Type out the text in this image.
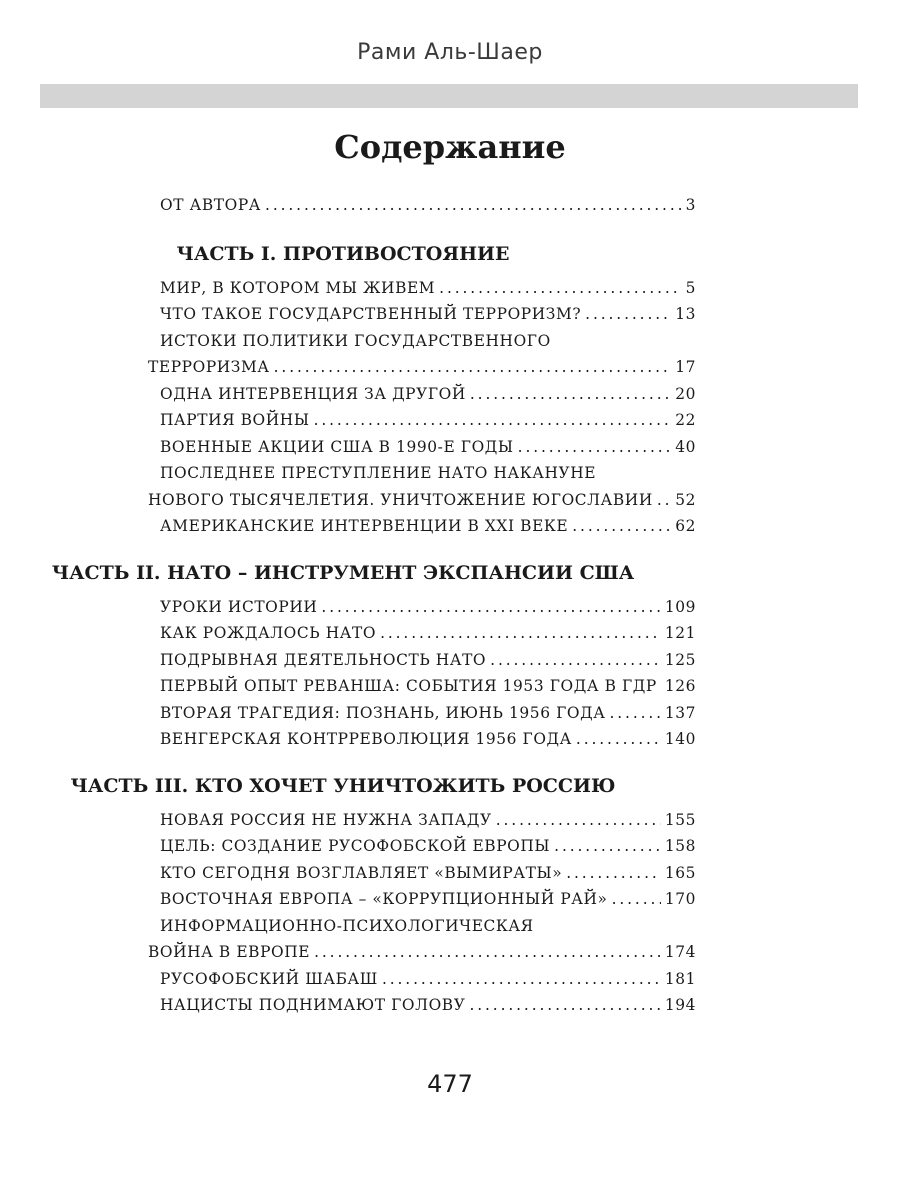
Рами Аль-Шаер
Содержание
ОТ АВТОРА . . .	3
ЧАСТЬ I. ПРОТИВОСТОЯНИЕ
МИР, В КОТОРОМ МЫ ЖИВЕМ . . .	5
ЧТО ТАКОЕ ГОСУДАРСТВЕННЫЙ ТЕРРОРИЗМ? . . .	13
ИСТОКИ ПОЛИТИКИ ГОСУДАРСТВЕННОГО
ТЕРРОРИЗМА . . .	17
ОДНА ИНТЕРВЕНЦИЯ ЗА ДРУГОЙ . . .	20
ПАРТИЯ ВОЙНЫ . . .	22
ВОЕННЫЕ АКЦИИ США В 1990-Е ГОДЫ . . .	40
ПОСЛЕДНЕЕ ПРЕСТУПЛЕНИЕ НАТО НАКАНУНЕ
НОВОГО ТЫСЯЧЕЛЕТИЯ. УНИЧТОЖЕНИЕ ЮГОСЛАВИИ . . . 52
АМЕРИКАНСКИЕ ИНТЕРВЕНЦИИ В XXI ВЕКЕ . . .	62
ЧАСТЬ II. НАТО – ИНСТРУМЕНТ ЭКСПАНСИИ США
УРОКИ ИСТОРИИ . . .	109
КАК РОЖДАЛОСЬ НАТО . . .	121
ПОДРЫВНАЯ ДЕЯТЕЛЬНОСТЬ НАТО . . .	125
ПЕРВЫЙ ОПЫТ РЕВАНША: СОБЫТИЯ 1953 ГОДА В ГДР 126
ВТОРАЯ ТРАГЕДИЯ: ПОЗНАНЬ, ИЮНЬ 1956 ГОДА . . .	137
ВЕНГЕРСКАЯ КОНТРРЕВОЛЮЦИЯ 1956 ГОДА . . .	140
ЧАСТЬ III. КТО ХОЧЕТ УНИЧТОЖИТЬ РОССИЮ
НОВАЯ РОССИЯ НЕ НУЖНА ЗАПАДУ . . .	155
ЦЕЛЬ: СОЗДАНИЕ РУСОФОБСКОЙ ЕВРОПЫ . . .	158
КТО СЕГОДНЯ ВОЗГЛАВЛЯЕТ «ВЫМИРАТЫ» . . .	165
ВОСТОЧНАЯ ЕВРОПА – «КОРРУПЦИОННЫЙ РАЙ» . . .	170
ИНФОРМАЦИОННО-ПСИХОЛОГИЧЕСКАЯ
ВОЙНА В ЕВРОПЕ . . .	174
РУСОФОБСКИЙ ШАБАШ . . .	181
НАЦИСТЫ ПОДНИМАЮТ ГОЛОВУ . . .	194
477
